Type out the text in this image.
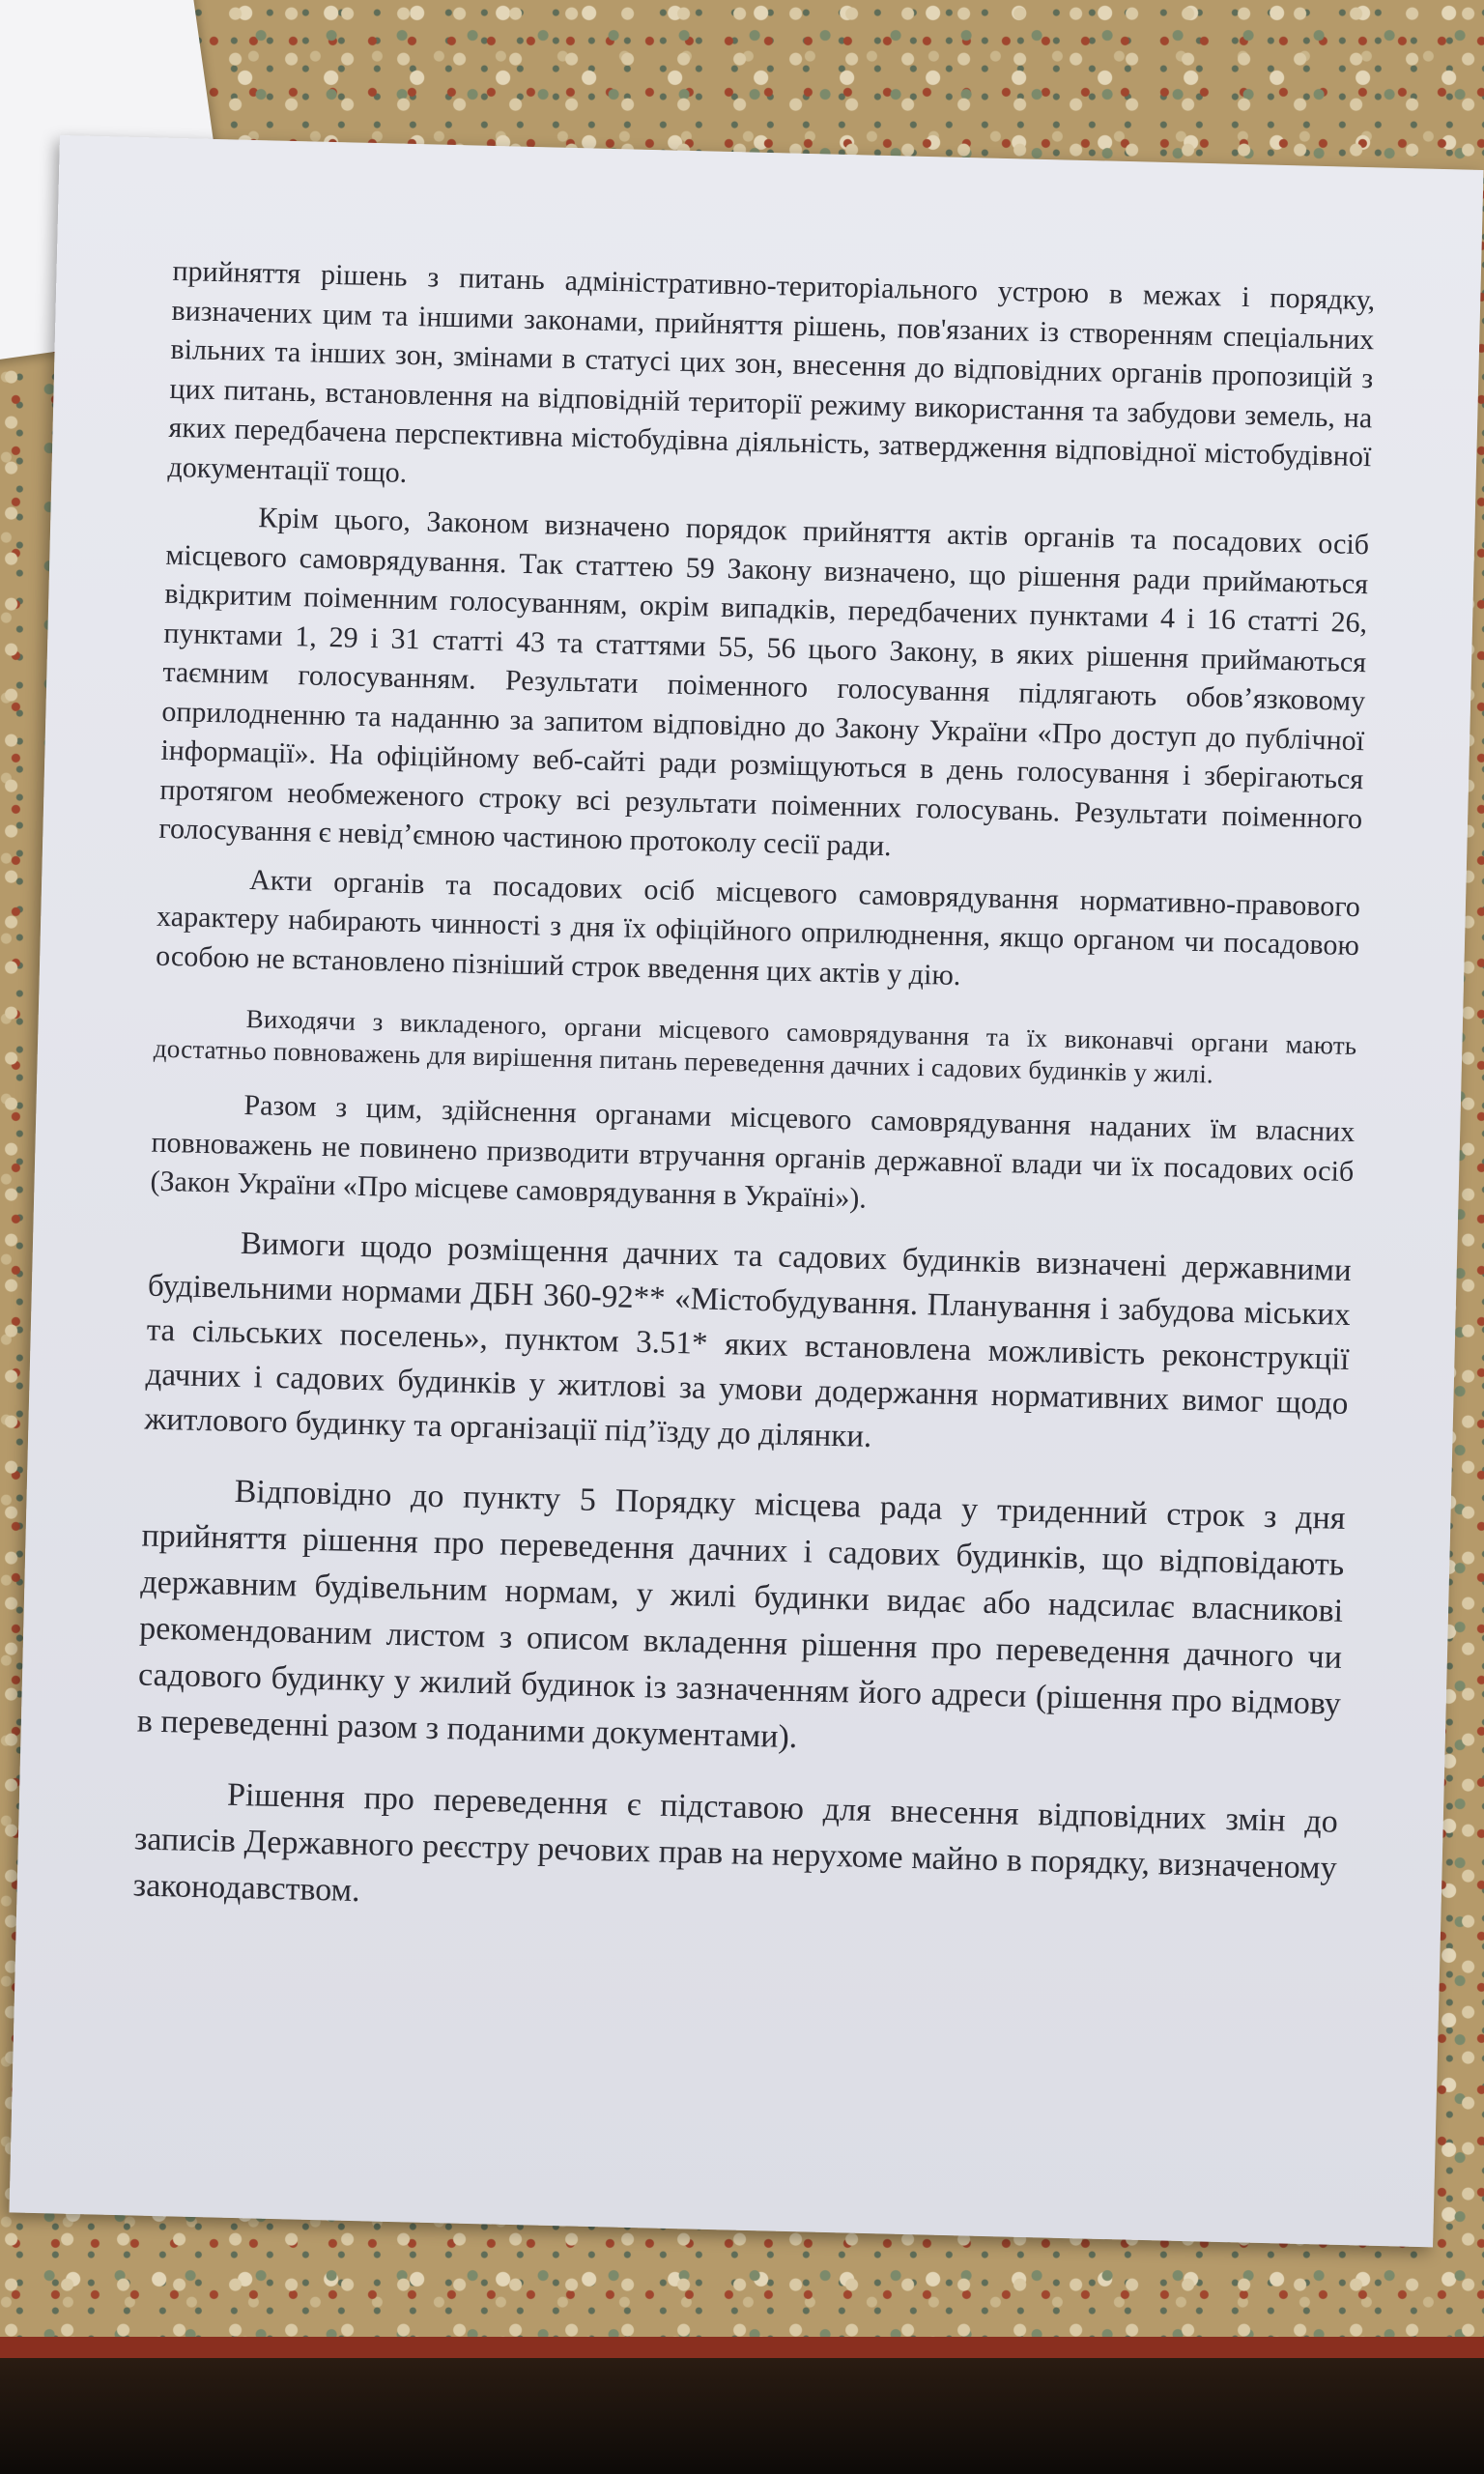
прийняття рішень з питань адміністративно-територіального устрою в межах і порядку, визначених цим та іншими законами, прийняття рішень, пов'язаних із створенням спеціальних вільних та інших зон, змінами в статусі цих зон, внесення до відповідних органів пропозицій з цих питань, встановлення на відповідній території режиму використання та забудови земель, на яких передбачена перспективна містобудівна діяльність, затвердження відповідної містобудівної документації тощо.

Крім цього, Законом визначено порядок прийняття актів органів та посадових осіб місцевого самоврядування. Так статтею 59 Закону визначено, що рішення ради приймаються відкритим поіменним голосуванням, окрім випадків, передбачених пунктами 4 і 16 статті 26, пунктами 1, 29 і 31 статті 43 та статтями 55, 56 цього Закону, в яких рішення приймаються таємним голосуванням. Результати поіменного голосування підлягають обов’язковому оприлодненню та наданню за запитом відповідно до Закону України «Про доступ до публічної інформації». На офіційному веб-сайті ради розміщуються в день голосування і зберігаються протягом необмеженого строку всі результати поіменних голосувань. Результати поіменного голосування є невід’ємною частиною протоколу сесії ради.

Акти органів та посадових осіб місцевого самоврядування нормативно-правового характеру набирають чинності з дня їх офіційного оприлюднення, якщо органом чи посадовою особою не встановлено пізніший строк введення цих актів у дію.

Виходячи з викладеного, органи місцевого самоврядування та їх виконавчі органи мають достатньо повноважень для вирішення питань переведення дачних і садових будинків у жилі.

Разом з цим, здійснення органами місцевого самоврядування наданих їм власних повноважень не повинено призводити втручання органів державної влади чи їх посадових осіб (Закон України «Про місцеве самоврядування в Україні»).

Вимоги щодо розміщення дачних та садових будинків визначені державними будівельними нормами ДБН 360-92** «Містобудування. Планування і забудова міських та сільських поселень», пунктом 3.51* яких встановлена можливість реконструкції дачних і садових будинків у житлові за умови додержання нормативних вимог щодо житлового будинку та організації під’їзду до ділянки.

Відповідно до пункту 5 Порядку місцева рада у триденний строк з дня прийняття рішення про переведення дачних і садових будинків, що відповідають державним будівельним нормам, у жилі будинки видає або надсилає власникові рекомендованим листом з описом вкладення рішення про переведення дачного чи садового будинку у жилий будинок із зазначенням його адреси (рішення про відмову в переведенні разом з поданими документами).

Рішення про переведення є підставою для внесення відповідних змін до записів Державного реєстру речових прав на нерухоме майно в порядку, визначеному законодавством.
